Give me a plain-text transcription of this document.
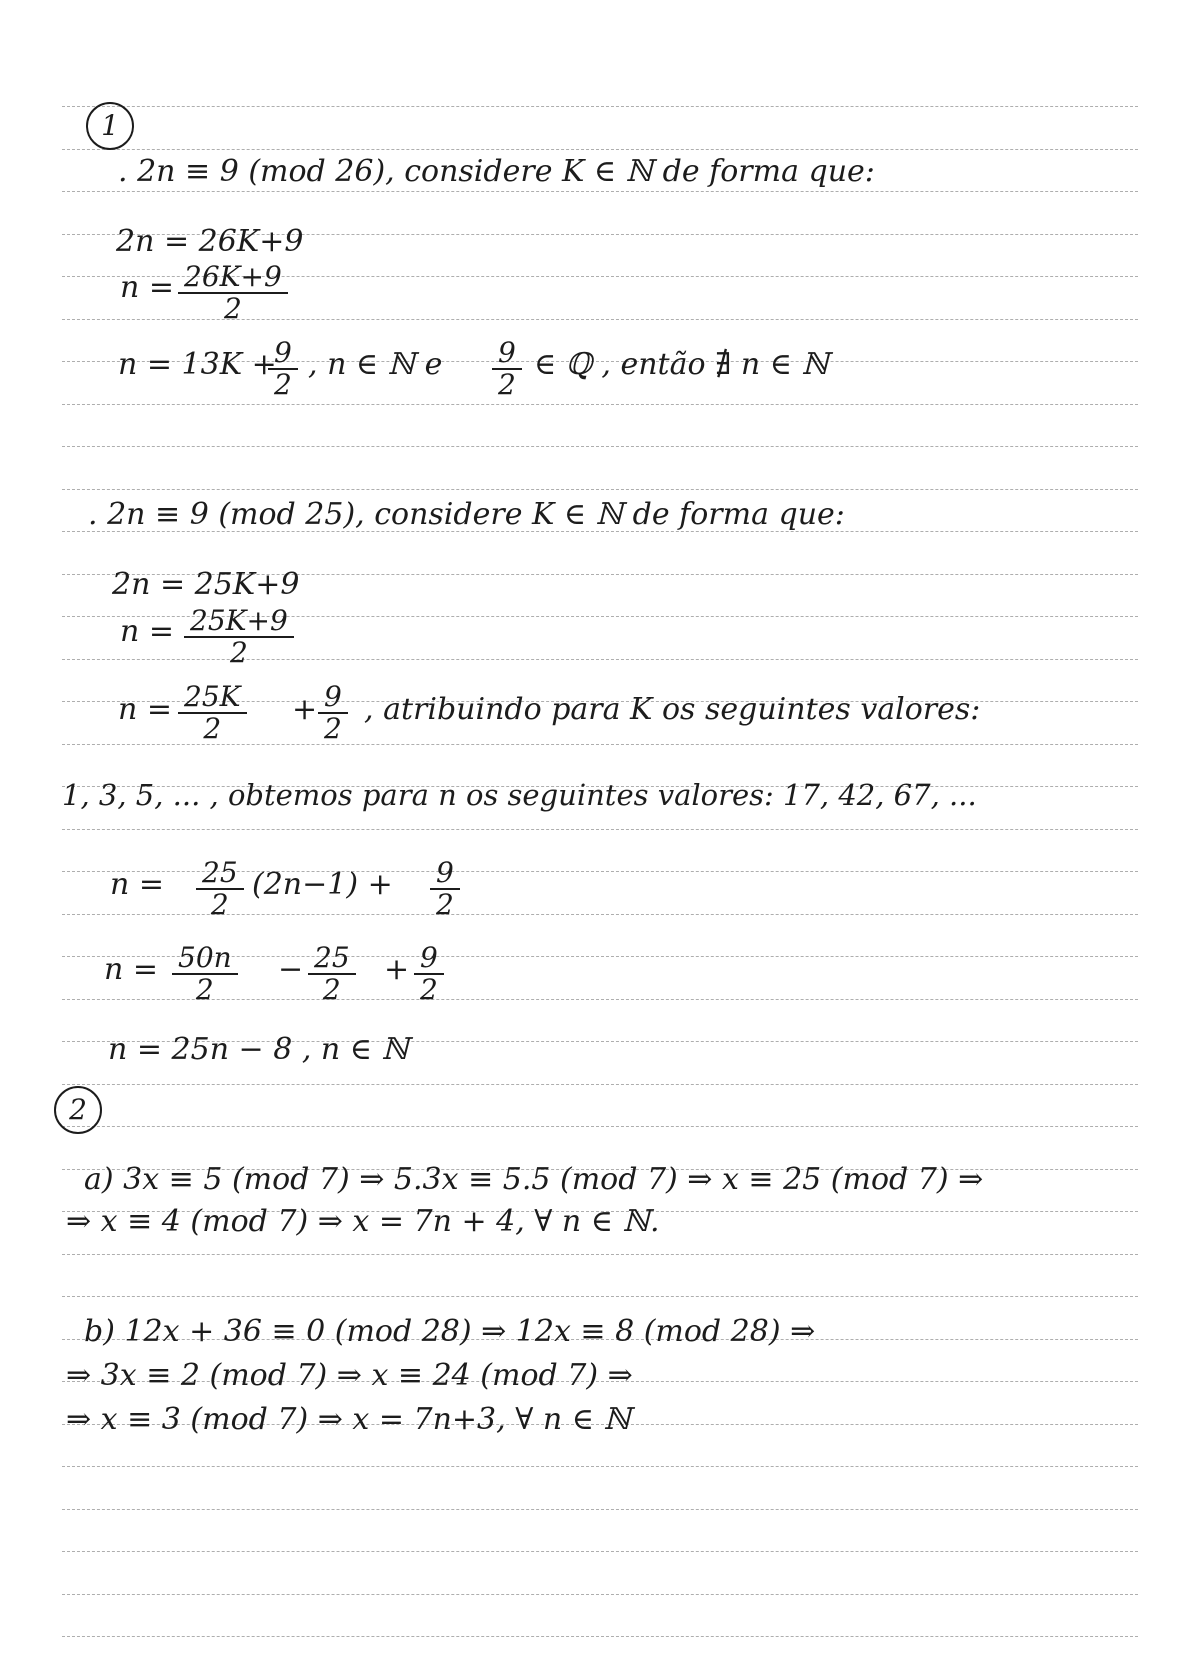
1
. 2n ≡ 9 (mod 26), considere K ∈ ℕ de forma que:
2n = 26K+9
n = 26K+9
2
n = 13K +
9
2
, n ∈ ℕ e 9
2
∈ ℚ , então ∄ n ∈ ℕ
. 2n ≡ 9 (mod 25), considere K ∈ ℕ de forma que:
2n = 25K+9
n = 25K+9
2
n = 25K
2
+ 9
2
, atribuindo para K os seguintes valores:
1, 3, 5, ... , obtemos para n os seguintes valores: 17, 42, 67, ...
n = 25
2
(2n−1) + 9
2
n = 50n
2
− 25
2
+ 9
2
n = 25n − 8 , n ∈ ℕ
2
a) 3x ≡ 5 (mod 7) ⇒ 5.3x ≡ 5.5 (mod 7) ⇒ x ≡ 25 (mod 7) ⇒
⇒ x ≡ 4 (mod 7) ⇒ x = 7n + 4, ∀ n ∈ ℕ.
b) 12x + 36 ≡ 0 (mod 28) ⇒ 12x ≡ 8 (mod 28) ⇒
⇒ 3x ≡ 2 (mod 7) ⇒ x ≡ 24 (mod 7) ⇒
⇒ x ≡ 3 (mod 7) ⇒ x = 7n+3, ∀ n ∈ ℕ
